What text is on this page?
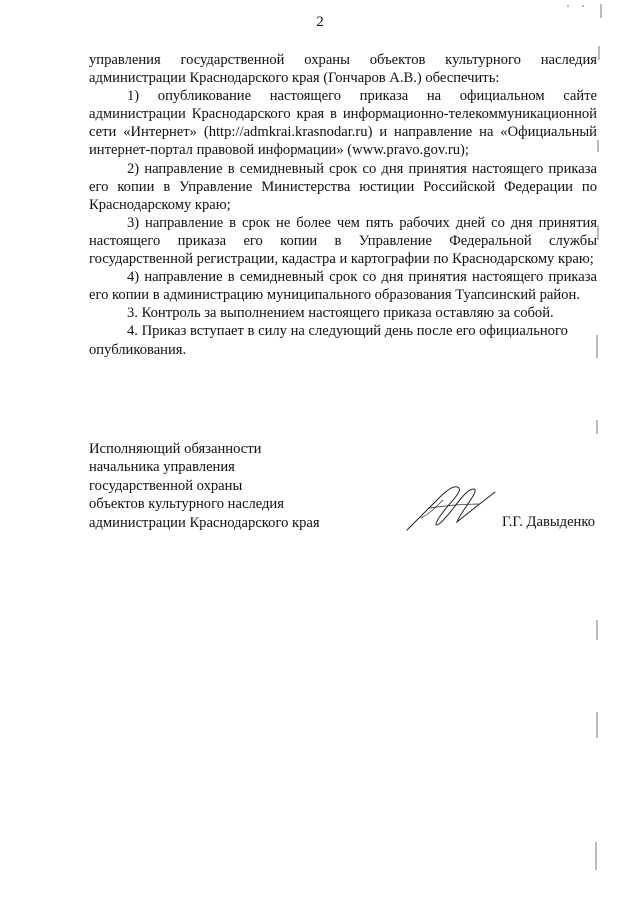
2

управления государственной охраны объектов культурного наследия администрации Краснодарского края (Гончаров А.В.) обеспечить:

1) опубликование настоящего приказа на официальном сайте администрации Краснодарского края в информационно-телекоммуникационной сети «Интернет» (http://admkrai.krasnodar.ru) и направление на «Официальный интернет-портал правовой информации» (www.pravo.gov.ru);

2) направление в семидневный срок со дня принятия настоящего приказа его копии в Управление Министерства юстиции Российской Федерации по Краснодарскому краю;

3) направление в срок не более чем пять рабочих дней со дня принятия настоящего приказа его копии в Управление Федеральной службы государственной регистрации, кадастра и картографии по Краснодарскому краю;

4) направление в семидневный срок со дня принятия настоящего приказа его копии в администрацию муниципального образования Туапсинский район.

3. Контроль за выполнением настоящего приказа оставляю за собой.

4. Приказ вступает в силу на следующий день после его официального опубликования.

Исполняющий обязанности

начальника управления

государственной охраны

объектов культурного наследия

администрации Краснодарского края	Г.Г. Давыденко
